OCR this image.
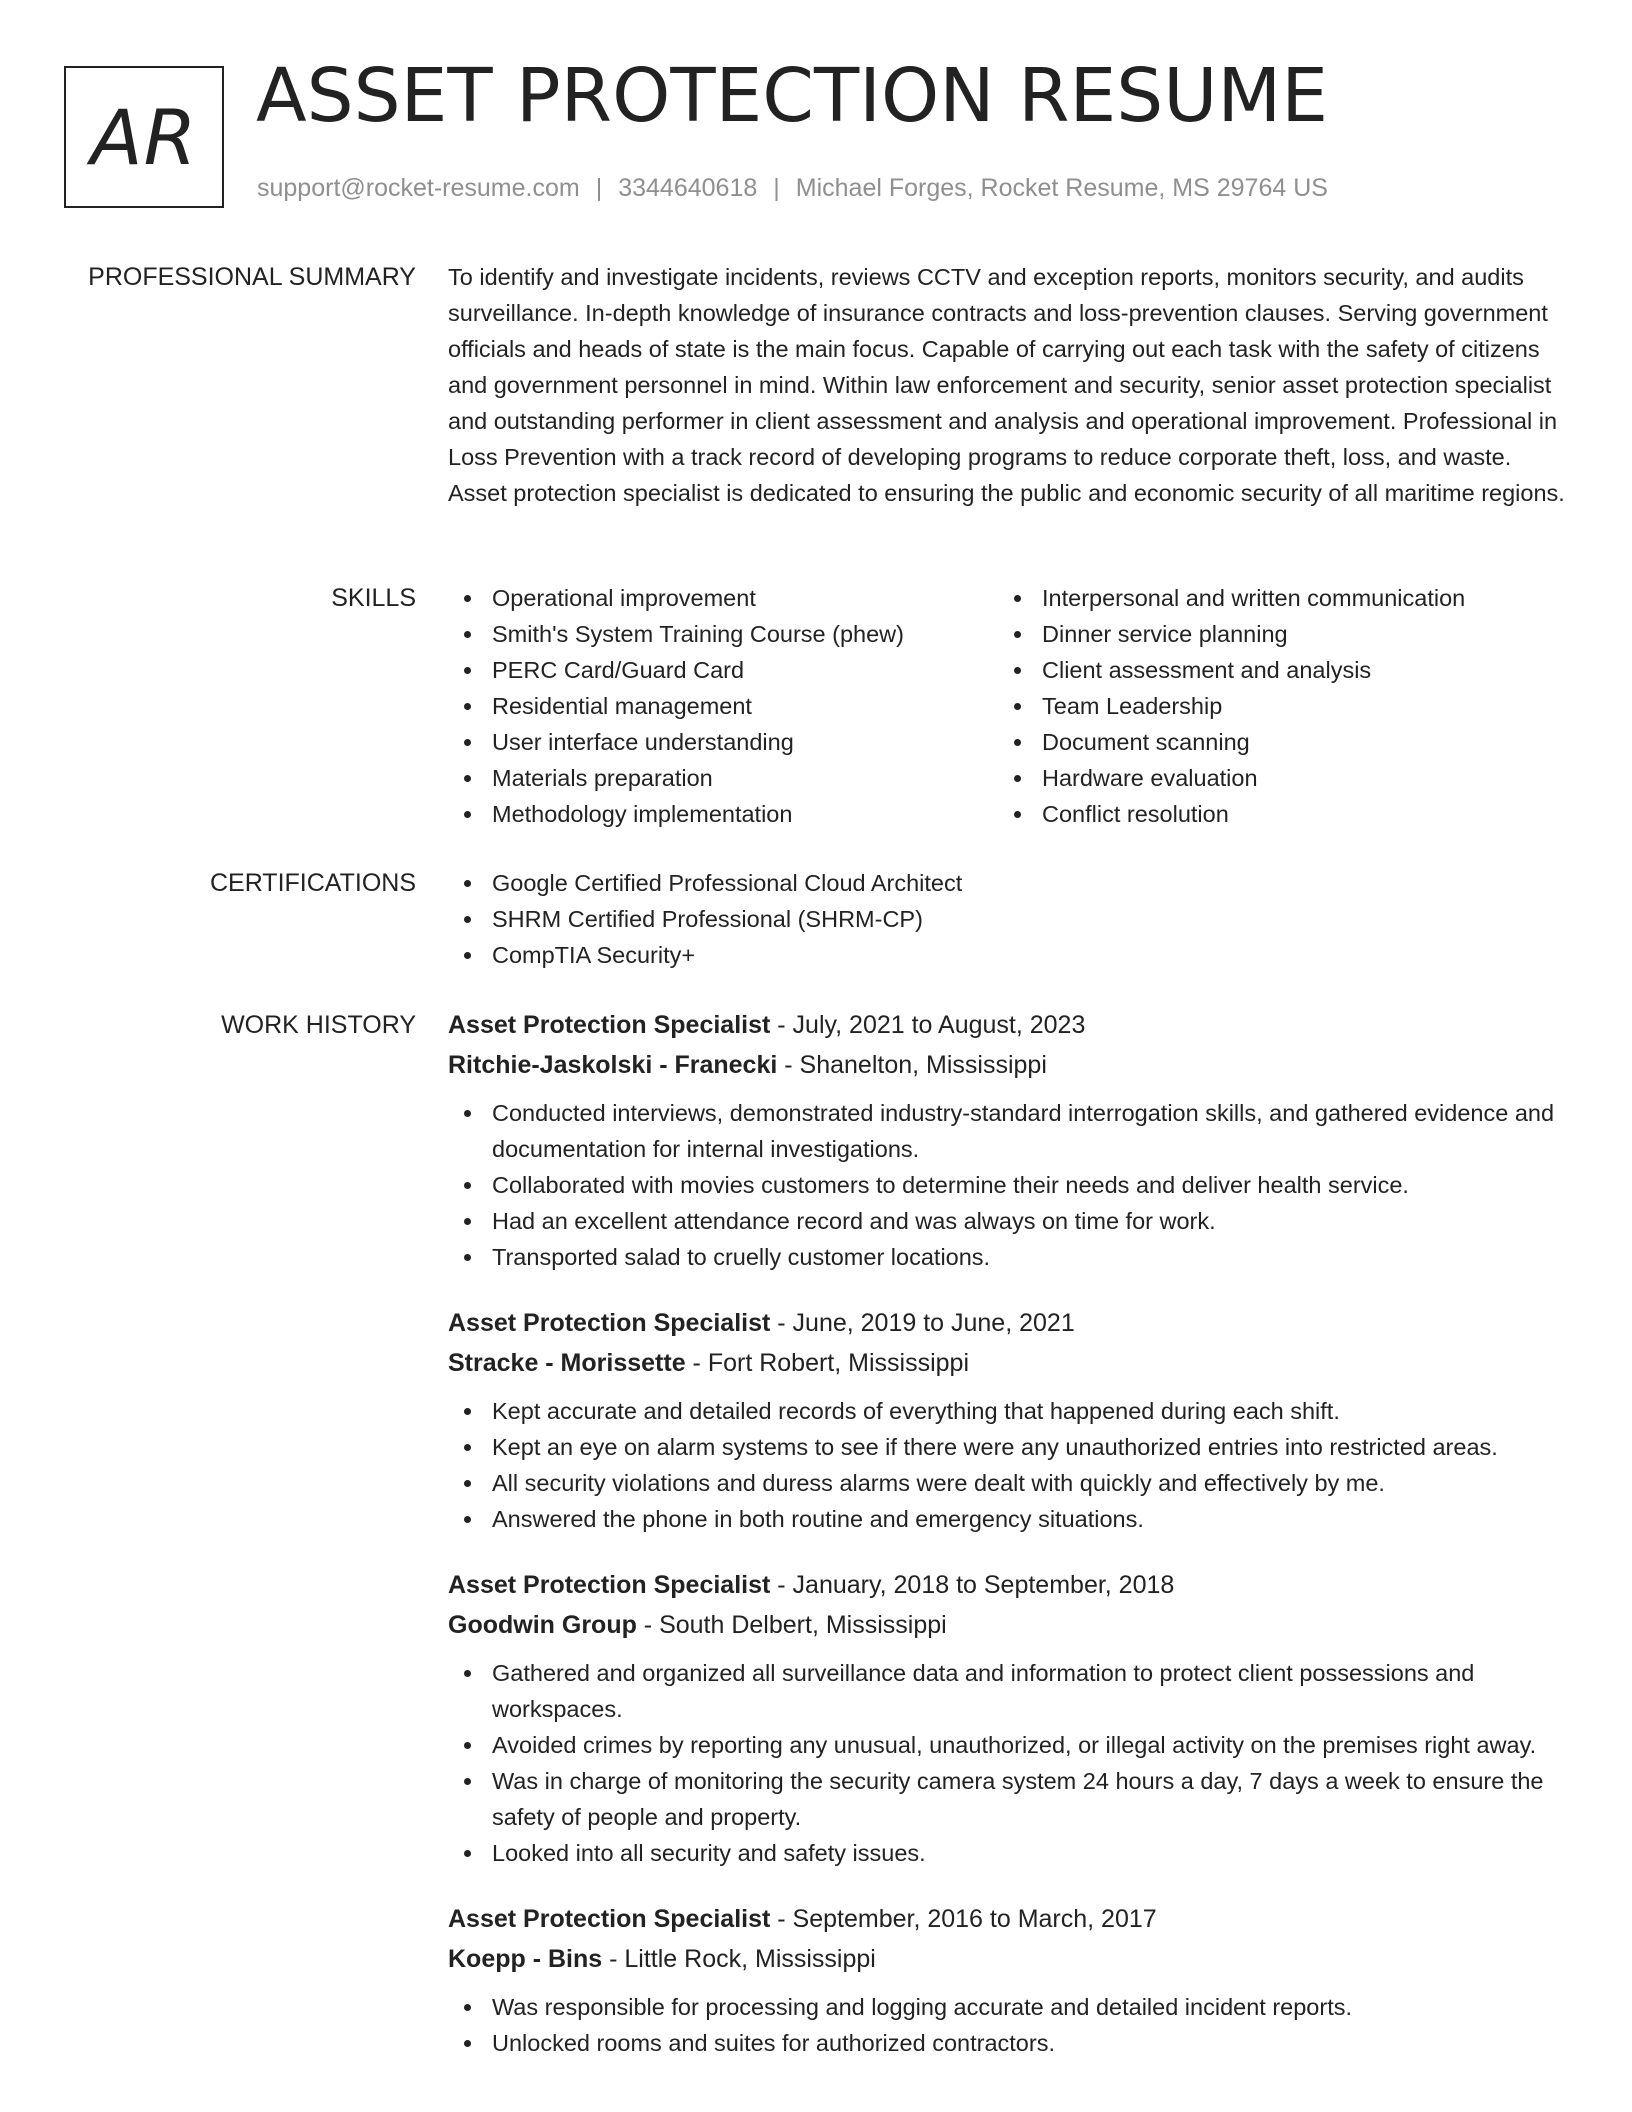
AR ASSET PROTECTION RESUME
support@rocket-resume.com | 3344640618 | Michael Forges, Rocket Resume, MS 29764 US
PROFESSIONAL SUMMARY To identify and investigate incidents, reviews CCTV and exception reports, monitors security, and audits surveillance. In-depth knowledge of insurance contracts and loss-prevention clauses. Serving government officials and heads of state is the main focus. Capable of carrying out each task with the safety of citizens and government personnel in mind. Within law enforcement and security, senior asset protection specialist and outstanding performer in client assessment and analysis and operational improvement. Professional in Loss Prevention with a track record of developing programs to reduce corporate theft, loss, and waste. Asset protection specialist is dedicated to ensuring the public and economic security of all maritime regions.

SKILLS	Operational improvement
Smith's System Training Course (phew)
PERC Card/Guard Card
Residential management
User interface understanding
Materials preparation
Methodology implementation
Interpersonal and written communication
Dinner service planning
Client assessment and analysis
Team Leadership
Document scanning
Hardware evaluation
Conflict resolution
CERTIFICATIONS	Google Certified Professional Cloud Architect
SHRM Certified Professional (SHRM-CP)
CompTIA Security+
WORK HISTORY Asset Protection Specialist - July, 2021 to August, 2023
Ritchie-Jaskolski - Franecki - Shanelton, Mississippi
Conducted interviews, demonstrated industry-standard interrogation skills, and gathered evidence and documentation for internal investigations.
Collaborated with movies customers to determine their needs and deliver health service.
Had an excellent attendance record and was always on time for work.
Transported salad to cruelly customer locations.
Asset Protection Specialist - June, 2019 to June, 2021
Stracke - Morissette - Fort Robert, Mississippi
Kept accurate and detailed records of everything that happened during each shift.
Kept an eye on alarm systems to see if there were any unauthorized entries into restricted areas.
All security violations and duress alarms were dealt with quickly and effectively by me.
Answered the phone in both routine and emergency situations.
Asset Protection Specialist - January, 2018 to September, 2018
Goodwin Group - South Delbert, Mississippi
Gathered and organized all surveillance data and information to protect client possessions and workspaces.
Avoided crimes by reporting any unusual, unauthorized, or illegal activity on the premises right away.
Was in charge of monitoring the security camera system 24 hours a day, 7 days a week to ensure the safety of people and property.
Looked into all security and safety issues.
Asset Protection Specialist - September, 2016 to March, 2017
Koepp - Bins - Little Rock, Mississippi
Was responsible for processing and logging accurate and detailed incident reports.
Unlocked rooms and suites for authorized contractors.
